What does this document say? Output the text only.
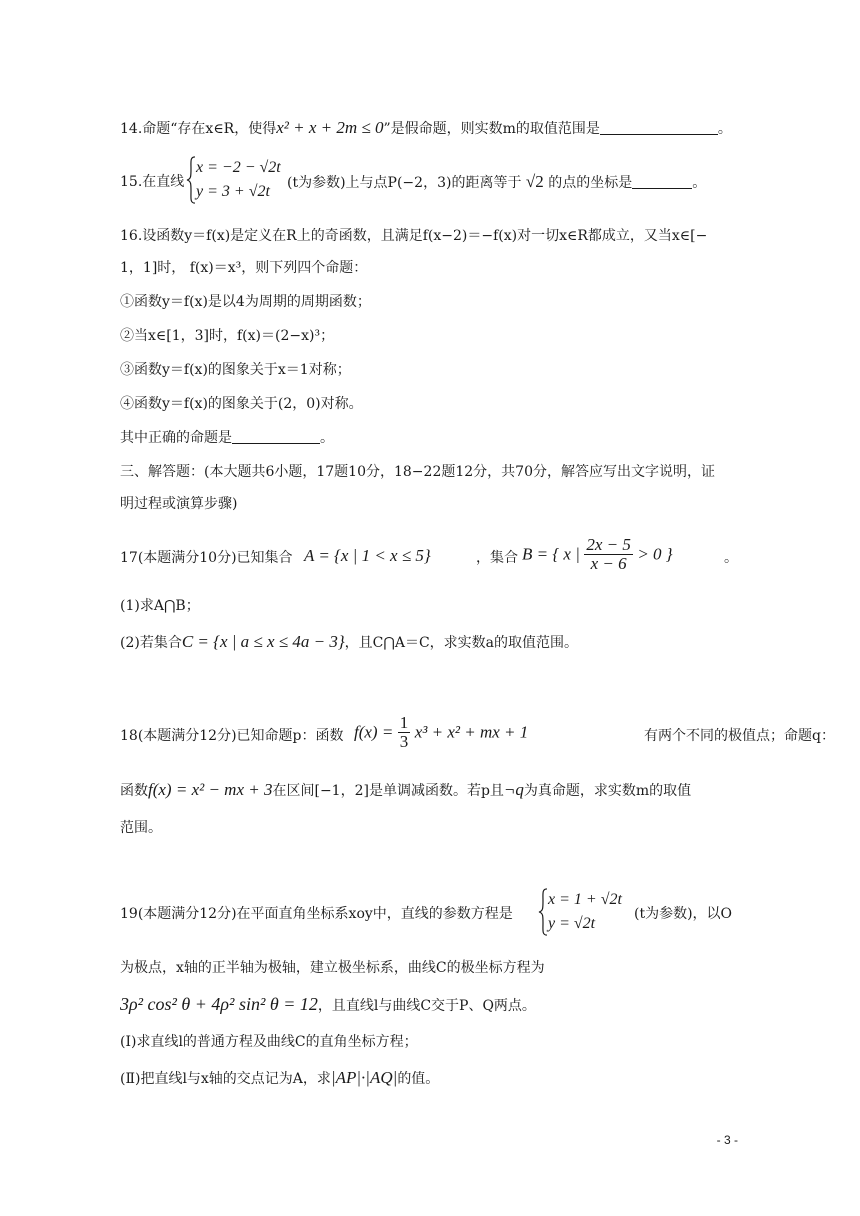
14.命题“存在x∈R，使得x² + x + 2m ≤ 0”是假命题，则实数m的取值范围是	。
15.在直线
x = −2 − √2t
y = 3 + √2t	(t为参数)上与点P(−2，3)的距离等于 √2 的点的坐标是	。
16.设函数y＝f(x)是定义在R上的奇函数，且满足f(x−2)＝−f(x)对一切x∈R都成立，又当x∈[−
1，1]时， f(x)＝x³，则下列四个命题：
①函数y＝f(x)是以4为周期的周期函数；
②当x∈[1，3]时，f(x)＝(2−x)³；
③函数y＝f(x)的图象关于x＝1对称；
④函数y＝f(x)的图象关于(2，0)对称。
其中正确的命题是	。
三、解答题：(本大题共6小题，17题10分，18−22题12分，共70分，解答应写出文字说明，证
明过程或演算步骤)
17(本题满分10分)已知集合 A = {x | 1 < x ≤ 5}	，集合 B = { x | $\frac{2x - 5}{x - 6} > 0$ }	。
(1)求A⋂B；
(2)若集合C = {x | a ≤ x ≤ 4a − 3}，且C⋂A＝C，求实数a的取值范围。
18(本题满分12分)已知命题p：函数 $f(x) = \frac{1}{3} x^3 + x^2$ + mx + 1	有两个不同的极值点；命题q：
函数f(x) = x² − mx + 3在区间[−1，2]是单调减函数。若p且¬q为真命题，求实数m的取值
范围。
19(本题满分12分)在平面直角坐标系xoy中，直线的参数方程是
x = 1 + √2t
y = √2t
(t为参数)，以O
为极点，x轴的正半轴为极轴，建立极坐标系，曲线C的极坐标方程为
3ρ² cos² θ + 4ρ² sin² θ = 12，且直线l与曲线C交于P、Q两点。
(Ⅰ)求直线l的普通方程及曲线C的直角坐标方程；
(Ⅱ)把直线l与x轴的交点记为A，求|AP|·|AQ|的值。
- 3 -
